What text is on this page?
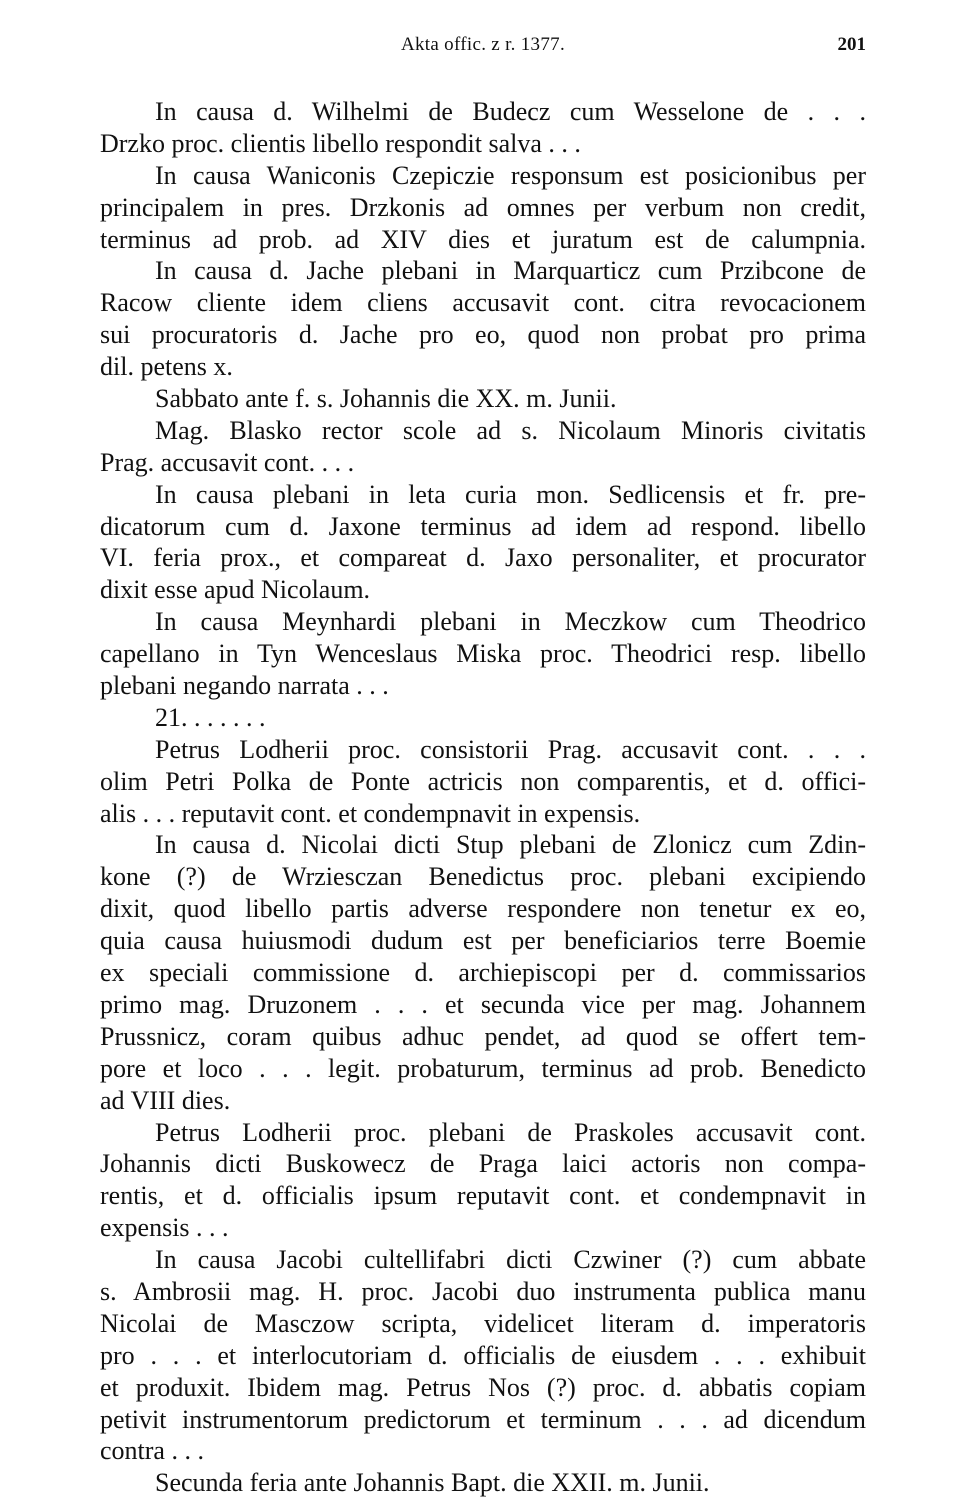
Akta offic. z r. 1377.	201
In causa d. Wilhelmi de Budecz cum Wesselone de . . .
Drzko proc. clientis libello respondit salva . . .
In causa Waniconis Czepiczie responsum est posicionibus per
principalem in pres. Drzkonis ad omnes per verbum non credit,
terminus ad prob. ad XIV dies et juratum est de calumpnia.
In causa d. Jache plebani in Marquarticz cum Przibcone de
Racow cliente idem cliens accusavit cont. citra revocacionem
sui procuratoris d. Jache pro eo, quod non probat pro prima
dil. petens x.
Sabbato ante f. s. Johannis die XX. m. Junii.
Mag. Blasko rector scole ad s. Nicolaum Minoris civitatis
Prag. accusavit cont. . . .
In causa plebani in leta curia mon. Sedlicensis et fr. pre-
dicatorum cum d. Jaxone terminus ad idem ad respond. libello
VI. feria prox., et compareat d. Jaxo personaliter, et procurator
dixit esse apud Nicolaum.
In causa Meynhardi plebani in Meczkow cum Theodrico
capellano in Tyn Wenceslaus Miska proc. Theodrici resp. libello
plebani negando narrata . . .
21. . . . . . .
Petrus Lodherii proc. consistorii Prag. accusavit cont. . . .
olim Petri Polka de Ponte actricis non comparentis, et d. offici-
alis . . . reputavit cont. et condempnavit in expensis.
In causa d. Nicolai dicti Stup plebani de Zlonicz cum Zdin-
kone (?) de Wrziesczan Benedictus proc. plebani excipiendo
dixit, quod libello partis adverse respondere non tenetur ex eo,
quia causa huiusmodi dudum est per beneficiarios terre Boemie
ex speciali commissione d. archiepiscopi per d. commissarios
primo mag. Druzonem . . . et secunda vice per mag. Johannem
Prussnicz, coram quibus adhuc pendet, ad quod se offert tem-
pore et loco . . . legit. probaturum, terminus ad prob. Benedicto
ad VIII dies.
Petrus Lodherii proc. plebani de Praskoles accusavit cont.
Johannis dicti Buskowecz de Praga laici actoris non compa-
rentis, et d. officialis ipsum reputavit cont. et condempnavit in
expensis . . .
In causa Jacobi cultellifabri dicti Czwiner (?) cum abbate
s. Ambrosii mag. H. proc. Jacobi duo instrumenta publica manu
Nicolai de Masczow scripta, videlicet literam d. imperatoris
pro . . . et interlocutoriam d. officialis de eiusdem . . . exhibuit
et produxit. Ibidem mag. Petrus Nos (?) proc. d. abbatis copiam
petivit instrumentorum predictorum et terminum . . . ad dicendum
contra . . .
Secunda feria ante Johannis Bapt. die XXII. m. Junii.
